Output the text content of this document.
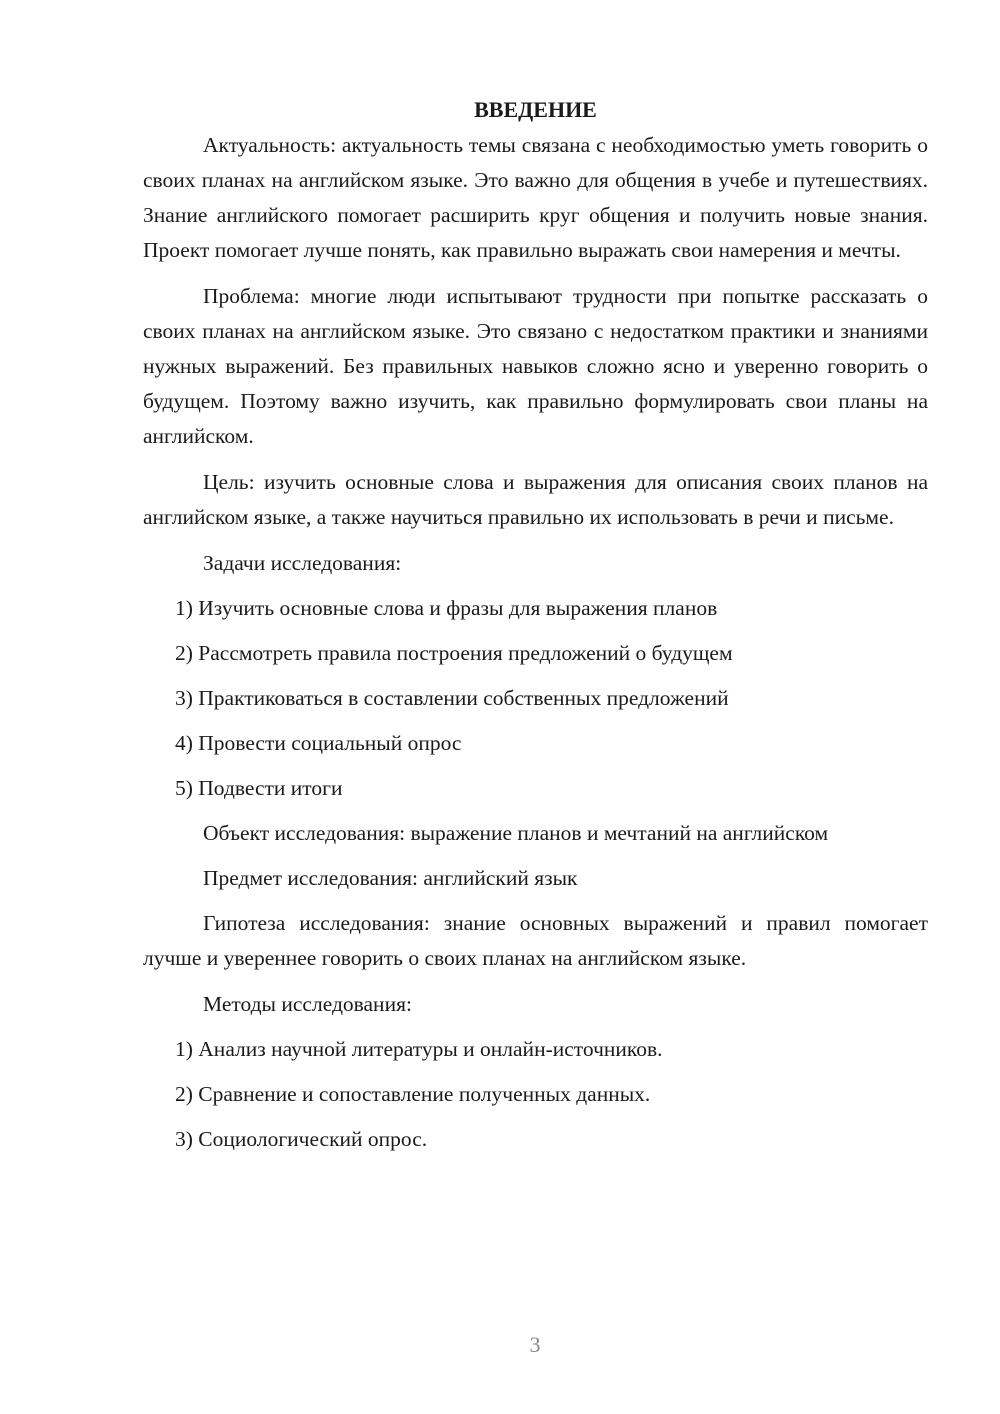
ВВЕДЕНИЕ

Актуальность: актуальность темы связана с необходимостью уметь говорить о своих планах на английском языке. Это важно для общения в учебе и путешествиях. Знание английского помогает расширить круг общения и получить новые знания. Проект помогает лучше понять, как правильно выражать свои намерения и мечты.

Проблема: многие люди испытывают трудности при попытке рассказать о своих планах на английском языке. Это связано с недостатком практики и знаниями нужных выражений. Без правильных навыков сложно ясно и уверенно говорить о будущем. Поэтому важно изучить, как правильно формулировать свои планы на английском.

Цель: изучить основные слова и выражения для описания своих планов на английском языке, а также научиться правильно их использовать в речи и письме.

Задачи исследования:
1) Изучить основные слова и фразы для выражения планов
2) Рассмотреть правила построения предложений о будущем
3) Практиковаться в составлении собственных предложений
4) Провести социальный опрос
5) Подвести итоги
Объект исследования: выражение планов и мечтаний на английском
Предмет исследования: английский язык

Гипотеза исследования: знание основных выражений и правил помогает лучше и увереннее говорить о своих планах на английском языке.

Методы исследования:
1) Анализ научной литературы и онлайн-источников.
2) Сравнение и сопоставление полученных данных.
3) Социологический опрос.
3
